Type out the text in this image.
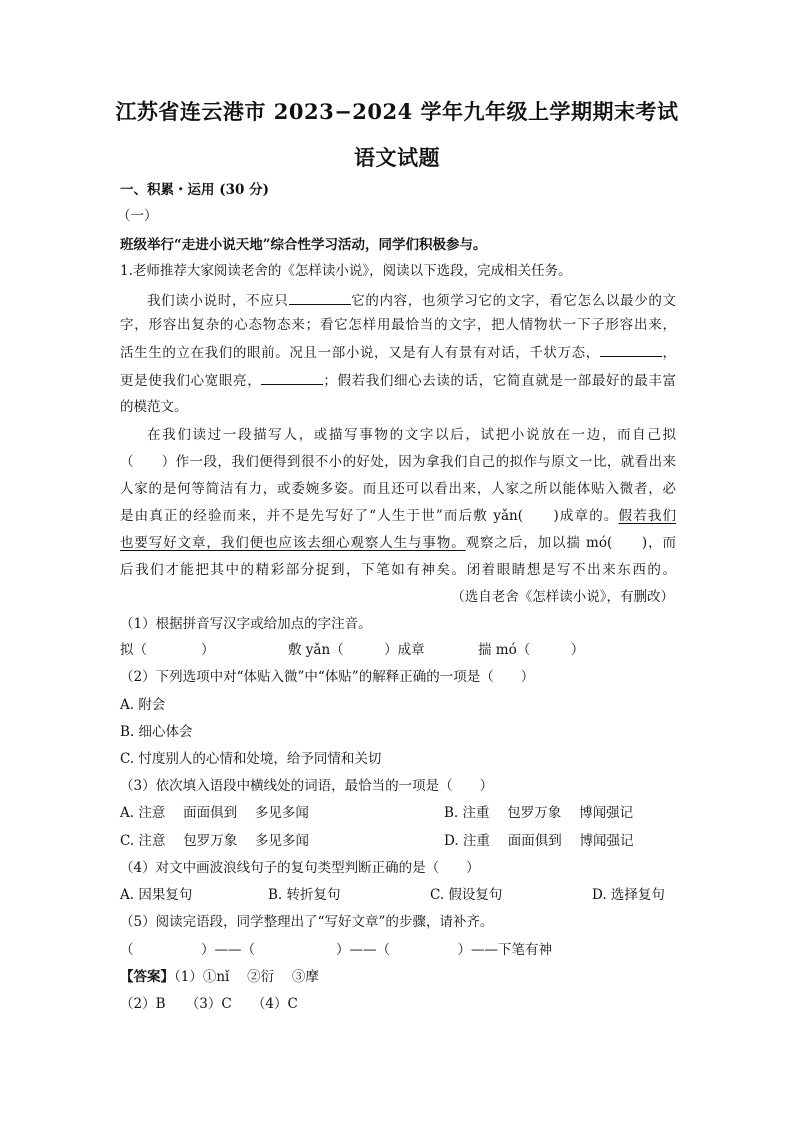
江苏省连云港市 2023−2024 学年九年级上学期期末考试
语文试题
一、积累・运用 (30 分)
（一）
班级举行“走进小说天地”综合性学习活动，同学们积极参与。
1.老师推荐大家阅读老舍的《怎样读小说》，阅读以下选段，完成相关任务。
我们读小说时，不应只	它的内容，也须学习它的文字，看它怎么以最少的文
字，形容出复杂的心态物态来；看它怎样用最恰当的文字，把人情物状一下子形容出来，
活生生的立在我们的眼前。况且一部小说，又是有人有景有对话，千状万态，	，
更是使我们心宽眼亮，	；假若我们细心去读的话，它简直就是一部最好的最丰富
的模范文。
在我们读过一段描写人，或描写事物的文字以后，试把小说放在一边，而自己拟
（　　）作一段，我们便得到很不小的好处，因为拿我们自己的拟作与原文一比，就看出来
人家的是何等简洁有力，或委婉多姿。而且还可以看出来，人家之所以能体贴入微者，必
是由真正的经验而来，并不是先写好了“人生于世”而后敷 yǎn(　　)成章的。假若我们
也要写好文章，我们便也应该去细心观察人生与事物。观察之后，加以揣 mó(　　)，而
后我们才能把其中的精彩部分捉到，下笔如有神矣。闭着眼睛想是写不出来东西的。
（选自老舍《怎样读小说》，有删改）
（1）根据拼音写汉字或给加点的字注音。
拟（　　　　）	敷 yǎn（　　　）成章	揣 mó（　　　）
（2）下列选项中对“体贴入微”中“体贴”的解释正确的一项是（　　）
A. 附会
B. 细心体会
C. 忖度别人的心情和处境，给予同情和关切
（3）依次填入语段中横线处的词语，最恰当的一项是（　　）
A. 注意　 面面俱到　 多见多闻	B. 注重　 包罗万象　 博闻强记
C. 注意　 包罗万象　 多见多闻	D. 注重　 面面俱到　 博闻强记
（4）对文中画波浪线句子的复句类型判断正确的是（　　）
A. 因果复句	B. 转折复句	C. 假设复句	D. 选择复句
（5）阅读完语段，同学整理出了“写好文章”的步骤，请补齐。
（　　　　　）——（　　　　　　）——（　　　　　）——下笔有神
【答案】（1）①nǐ　 ②衍　 ③摩
（2）B　　（3）C　　（4）C
